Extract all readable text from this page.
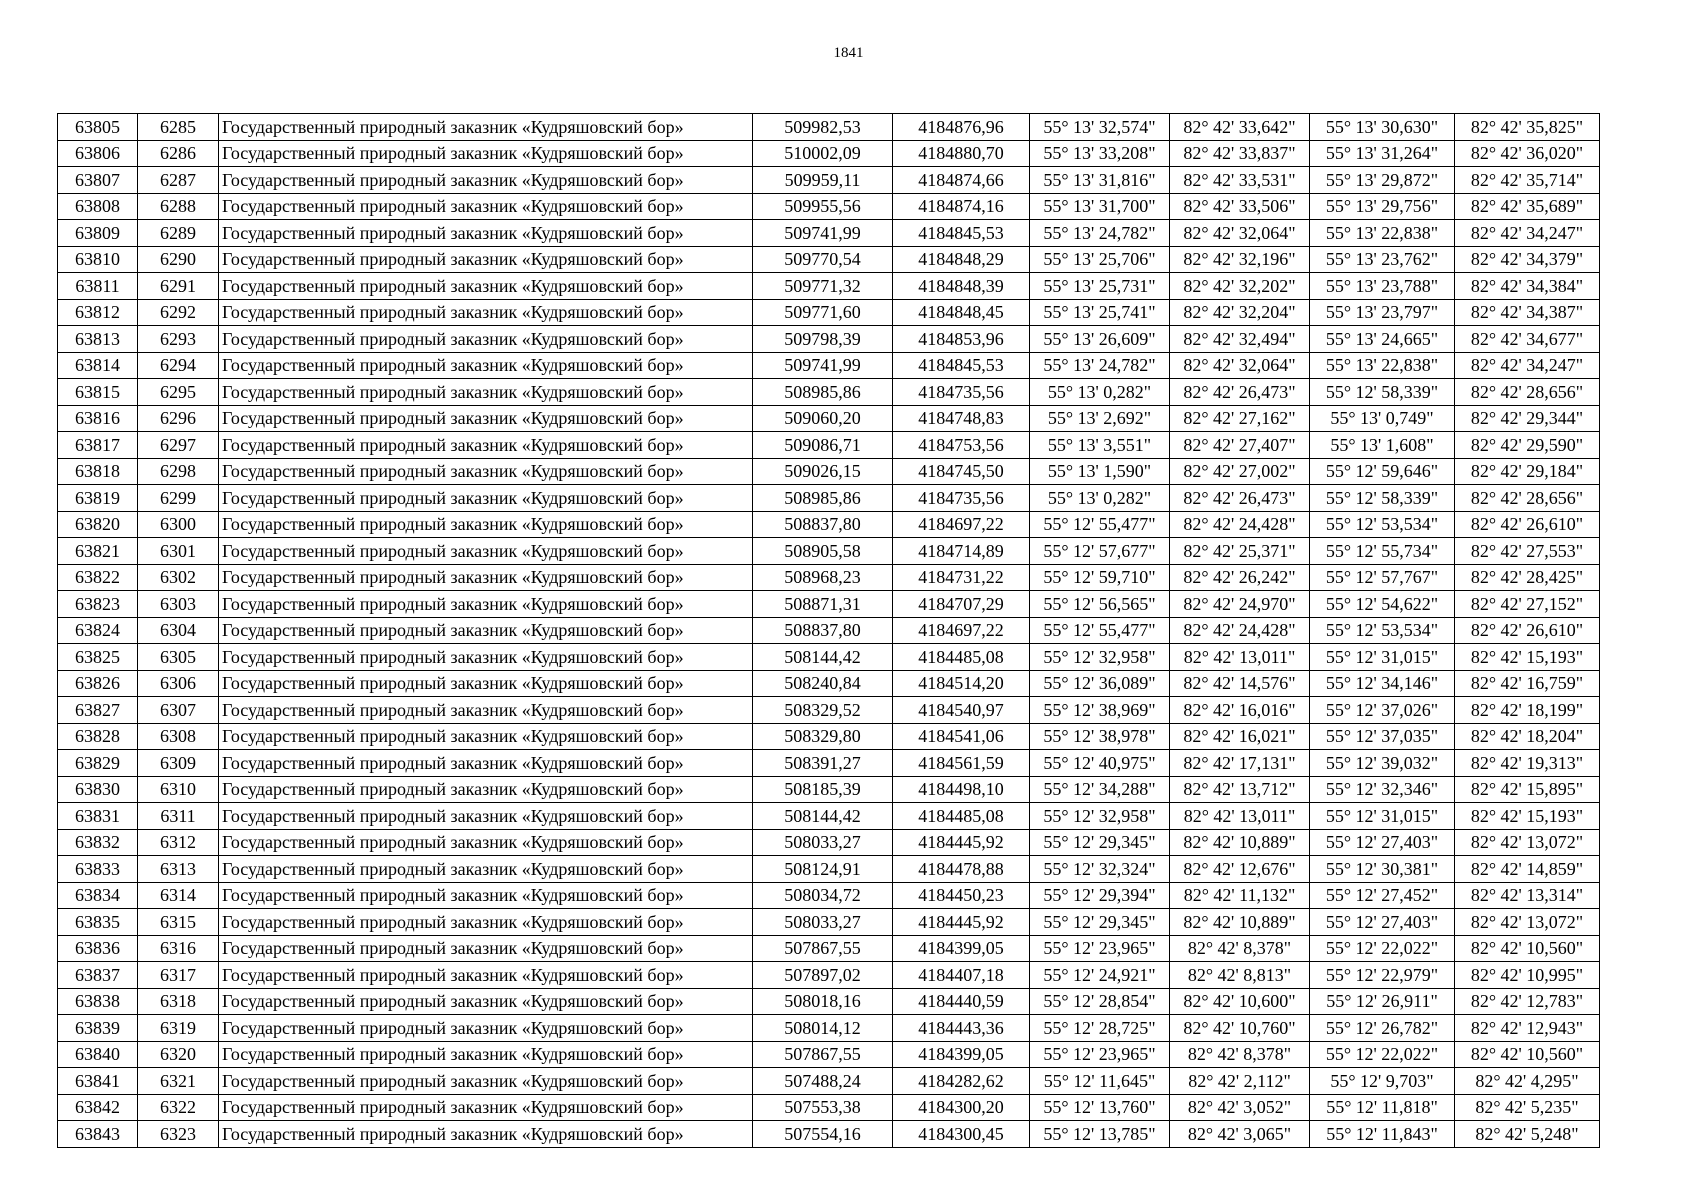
1841
63805	6285	Государственный природный заказник «Кудряшовский бор»	509982,53	4184876,96	55° 13' 32,574"	82° 42' 33,642"	55° 13' 30,630"	82° 42' 35,825"
63806	6286	Государственный природный заказник «Кудряшовский бор»	510002,09	4184880,70	55° 13' 33,208"	82° 42' 33,837"	55° 13' 31,264"	82° 42' 36,020"
63807	6287	Государственный природный заказник «Кудряшовский бор»	509959,11	4184874,66	55° 13' 31,816"	82° 42' 33,531"	55° 13' 29,872"	82° 42' 35,714"
63808	6288	Государственный природный заказник «Кудряшовский бор»	509955,56	4184874,16	55° 13' 31,700"	82° 42' 33,506"	55° 13' 29,756"	82° 42' 35,689"
63809	6289	Государственный природный заказник «Кудряшовский бор»	509741,99	4184845,53	55° 13' 24,782"	82° 42' 32,064"	55° 13' 22,838"	82° 42' 34,247"
63810	6290	Государственный природный заказник «Кудряшовский бор»	509770,54	4184848,29	55° 13' 25,706"	82° 42' 32,196"	55° 13' 23,762"	82° 42' 34,379"
63811	6291	Государственный природный заказник «Кудряшовский бор»	509771,32	4184848,39	55° 13' 25,731"	82° 42' 32,202"	55° 13' 23,788"	82° 42' 34,384"
63812	6292	Государственный природный заказник «Кудряшовский бор»	509771,60	4184848,45	55° 13' 25,741"	82° 42' 32,204"	55° 13' 23,797"	82° 42' 34,387"
63813	6293	Государственный природный заказник «Кудряшовский бор»	509798,39	4184853,96	55° 13' 26,609"	82° 42' 32,494"	55° 13' 24,665"	82° 42' 34,677"
63814	6294	Государственный природный заказник «Кудряшовский бор»	509741,99	4184845,53	55° 13' 24,782"	82° 42' 32,064"	55° 13' 22,838"	82° 42' 34,247"
63815	6295	Государственный природный заказник «Кудряшовский бор»	508985,86	4184735,56	55° 13' 0,282"	82° 42' 26,473"	55° 12' 58,339"	82° 42' 28,656"
63816	6296	Государственный природный заказник «Кудряшовский бор»	509060,20	4184748,83	55° 13' 2,692"	82° 42' 27,162"	55° 13' 0,749"	82° 42' 29,344"
63817	6297	Государственный природный заказник «Кудряшовский бор»	509086,71	4184753,56	55° 13' 3,551"	82° 42' 27,407"	55° 13' 1,608"	82° 42' 29,590"
63818	6298	Государственный природный заказник «Кудряшовский бор»	509026,15	4184745,50	55° 13' 1,590"	82° 42' 27,002"	55° 12' 59,646"	82° 42' 29,184"
63819	6299	Государственный природный заказник «Кудряшовский бор»	508985,86	4184735,56	55° 13' 0,282"	82° 42' 26,473"	55° 12' 58,339"	82° 42' 28,656"
63820	6300	Государственный природный заказник «Кудряшовский бор»	508837,80	4184697,22	55° 12' 55,477"	82° 42' 24,428"	55° 12' 53,534"	82° 42' 26,610"
63821	6301	Государственный природный заказник «Кудряшовский бор»	508905,58	4184714,89	55° 12' 57,677"	82° 42' 25,371"	55° 12' 55,734"	82° 42' 27,553"
63822	6302	Государственный природный заказник «Кудряшовский бор»	508968,23	4184731,22	55° 12' 59,710"	82° 42' 26,242"	55° 12' 57,767"	82° 42' 28,425"
63823	6303	Государственный природный заказник «Кудряшовский бор»	508871,31	4184707,29	55° 12' 56,565"	82° 42' 24,970"	55° 12' 54,622"	82° 42' 27,152"
63824	6304	Государственный природный заказник «Кудряшовский бор»	508837,80	4184697,22	55° 12' 55,477"	82° 42' 24,428"	55° 12' 53,534"	82° 42' 26,610"
63825	6305	Государственный природный заказник «Кудряшовский бор»	508144,42	4184485,08	55° 12' 32,958"	82° 42' 13,011"	55° 12' 31,015"	82° 42' 15,193"
63826	6306	Государственный природный заказник «Кудряшовский бор»	508240,84	4184514,20	55° 12' 36,089"	82° 42' 14,576"	55° 12' 34,146"	82° 42' 16,759"
63827	6307	Государственный природный заказник «Кудряшовский бор»	508329,52	4184540,97	55° 12' 38,969"	82° 42' 16,016"	55° 12' 37,026"	82° 42' 18,199"
63828	6308	Государственный природный заказник «Кудряшовский бор»	508329,80	4184541,06	55° 12' 38,978"	82° 42' 16,021"	55° 12' 37,035"	82° 42' 18,204"
63829	6309	Государственный природный заказник «Кудряшовский бор»	508391,27	4184561,59	55° 12' 40,975"	82° 42' 17,131"	55° 12' 39,032"	82° 42' 19,313"
63830	6310	Государственный природный заказник «Кудряшовский бор»	508185,39	4184498,10	55° 12' 34,288"	82° 42' 13,712"	55° 12' 32,346"	82° 42' 15,895"
63831	6311	Государственный природный заказник «Кудряшовский бор»	508144,42	4184485,08	55° 12' 32,958"	82° 42' 13,011"	55° 12' 31,015"	82° 42' 15,193"
63832	6312	Государственный природный заказник «Кудряшовский бор»	508033,27	4184445,92	55° 12' 29,345"	82° 42' 10,889"	55° 12' 27,403"	82° 42' 13,072"
63833	6313	Государственный природный заказник «Кудряшовский бор»	508124,91	4184478,88	55° 12' 32,324"	82° 42' 12,676"	55° 12' 30,381"	82° 42' 14,859"
63834	6314	Государственный природный заказник «Кудряшовский бор»	508034,72	4184450,23	55° 12' 29,394"	82° 42' 11,132"	55° 12' 27,452"	82° 42' 13,314"
63835	6315	Государственный природный заказник «Кудряшовский бор»	508033,27	4184445,92	55° 12' 29,345"	82° 42' 10,889"	55° 12' 27,403"	82° 42' 13,072"
63836	6316	Государственный природный заказник «Кудряшовский бор»	507867,55	4184399,05	55° 12' 23,965"	82° 42' 8,378"	55° 12' 22,022"	82° 42' 10,560"
63837	6317	Государственный природный заказник «Кудряшовский бор»	507897,02	4184407,18	55° 12' 24,921"	82° 42' 8,813"	55° 12' 22,979"	82° 42' 10,995"
63838	6318	Государственный природный заказник «Кудряшовский бор»	508018,16	4184440,59	55° 12' 28,854"	82° 42' 10,600"	55° 12' 26,911"	82° 42' 12,783"
63839	6319	Государственный природный заказник «Кудряшовский бор»	508014,12	4184443,36	55° 12' 28,725"	82° 42' 10,760"	55° 12' 26,782"	82° 42' 12,943"
63840	6320	Государственный природный заказник «Кудряшовский бор»	507867,55	4184399,05	55° 12' 23,965"	82° 42' 8,378"	55° 12' 22,022"	82° 42' 10,560"
63841	6321	Государственный природный заказник «Кудряшовский бор»	507488,24	4184282,62	55° 12' 11,645"	82° 42' 2,112"	55° 12' 9,703"	82° 42' 4,295"
63842	6322	Государственный природный заказник «Кудряшовский бор»	507553,38	4184300,20	55° 12' 13,760"	82° 42' 3,052"	55° 12' 11,818"	82° 42' 5,235"
63843	6323	Государственный природный заказник «Кудряшовский бор»	507554,16	4184300,45	55° 12' 13,785"	82° 42' 3,065"	55° 12' 11,843"	82° 42' 5,248"
